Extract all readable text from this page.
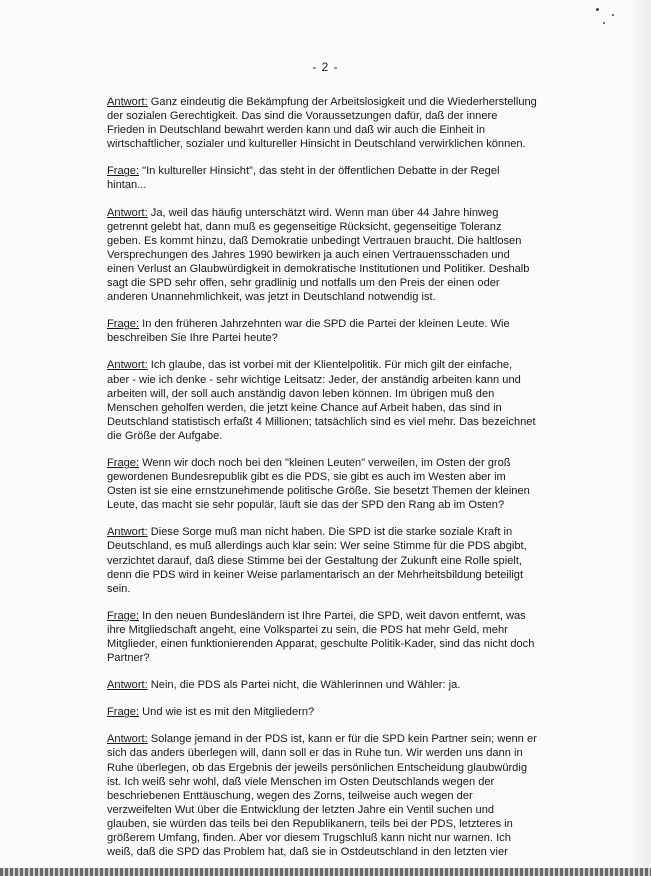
- 2 -

Antwort: Ganz eindeutig die Bekämpfung der Arbeitslosigkeit und die Wiederherstellung der sozialen Gerechtigkeit. Das sind die Voraussetzungen dafür, daß der innere Frieden in Deutschland bewahrt werden kann und daß wir auch die Einheit in wirtschaftlicher, sozialer und kultureller Hinsicht in Deutschland verwirklichen können.

Frage: "In kultureller Hinsicht", das steht in der öffentlichen Debatte in der Regel hintan...

Antwort: Ja, weil das häufig unterschätzt wird. Wenn man über 44 Jahre hinweg getrennt gelebt hat, dann muß es gegenseitige Rücksicht, gegenseitige Toleranz geben. Es kommt hinzu, daß Demokratie unbedingt Vertrauen braucht. Die haltlosen Versprechungen des Jahres 1990 bewirken ja auch einen Vertrauensschaden und einen Verlust an Glaubwürdigkeit in demokratische Institutionen und Politiker. Deshalb sagt die SPD sehr offen, sehr gradlinig und notfalls um den Preis der einen oder anderen Unannehmlichkeit, was jetzt in Deutschland notwendig ist.

Frage: In den früheren Jahrzehnten war die SPD die Partei der kleinen Leute. Wie beschreiben Sie Ihre Partei heute?

Antwort: Ich glaube, das ist vorbei mit der Klientelpolitik. Für mich gilt der einfache, aber - wie ich denke - sehr wichtige Leitsatz: Jeder, der anständig arbeiten kann und arbeiten will, der soll auch anständig davon leben können. Im übrigen muß den Menschen geholfen werden, die jetzt keine Chance auf Arbeit haben, das sind in Deutschland statistisch erfaßt 4 Millionen; tatsächlich sind es viel mehr. Das bezeichnet die Größe der Aufgabe.

Frage: Wenn wir doch noch bei den "kleinen Leuten" verweilen, im Osten der groß gewordenen Bundesrepublik gibt es die PDS, sie gibt es auch im Westen aber im Osten ist sie eine ernstzunehmende politische Größe. Sie besetzt Themen der kleinen Leute, das macht sie sehr populär, läuft sie das der SPD den Rang ab im Osten?

Antwort: Diese Sorge muß man nicht haben. Die SPD ist die starke soziale Kraft in Deutschland, es muß allerdings auch klar sein: Wer seine Stimme für die PDS abgibt, verzichtet darauf, daß diese Stimme bei der Gestaltung der Zukunft eine Rolle spielt, denn die PDS wird in keiner Weise parlamentarisch an der Mehrheitsbildung beteiligt sein.

Frage: In den neuen Bundesländern ist Ihre Partei, die SPD, weit davon entfernt, was ihre Mitgliedschaft angeht, eine Volkspartei zu sein, die PDS hat mehr Geld, mehr Mitglieder, einen funktionierenden Apparat, geschulte Politik-Kader, sind das nicht doch Partner?

Antwort: Nein, die PDS als Partei nicht, die Wählerinnen und Wähler: ja.

Frage: Und wie ist es mit den Mitgliedern?

Antwort: Solange jemand in der PDS ist, kann er für die SPD kein Partner sein; wenn er sich das anders überlegen will, dann soll er das in Ruhe tun. Wir werden uns dann in Ruhe überlegen, ob das Ergebnis der jeweils persönlichen Entscheidung glaubwürdig ist. Ich weiß sehr wohl, daß viele Menschen im Osten Deutschlands wegen der beschriebenen Enttäuschung, wegen des Zorns, teilweise auch wegen der verzweifelten Wut über die Entwicklung der letzten Jahre ein Ventil suchen und glauben, sie würden das teils bei den Republikanern, teils bei der PDS, letzteres in größerem Umfang, finden. Aber vor diesem Trugschluß kann nicht nur warnen. Ich weiß, daß die SPD das Problem hat, daß sie in Ostdeutschland in den letzten vier
